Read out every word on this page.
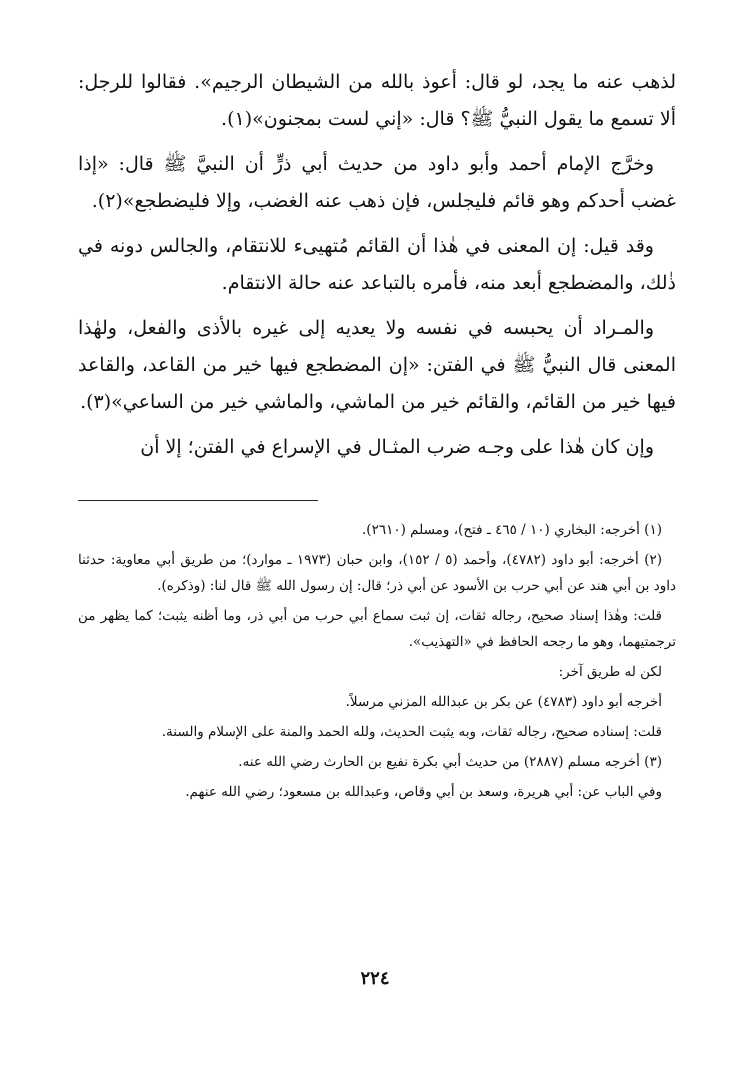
لذهب عنه ما يجد، لو قال: أعوذ بالله من الشيطان الرجيم». فقالوا للرجل: ألا تسمع ما يقول النبيُّ ﷺ؟ قال: «إني لست بمجنون»(١).

وخرَّج الإمام أحمد وأبو داود من حديث أبي ذرٍّ أن النبيَّ ﷺ قال: «إذا غضب أحدكم وهو قائم فليجلس، فإن ذهب عنه الغضب، وإلا فليضطجع»(٢).

وقد قيل: إن المعنى في هٰذا أن القائم مُتهيىء للانتقام، والجالس دونه في ذٰلك، والمضطجع أبعد منه، فأمره بالتباعد عنه حالة الانتقام.

والمـراد أن يحبسه في نفسه ولا يعديه إلى غيره بالأذى والفعل، ولهٰذا المعنى قال النبيُّ ﷺ في الفتن: «إن المضطجع فيها خير من القاعد، والقاعد فيها خير من القائم، والقائم خير من الماشي، والماشي خير من الساعي»(٣).

وإن كان هٰذا على وجـه ضرب المثـال في الإسراع في الفتن؛ إلا أن

(١) أخرجه: البخاري (١٠ / ٤٦٥ ـ فتح)، ومسلم (٢٦١٠).

(٢) أخرجه: أبو داود (٤٧٨٢)، وأحمد (٥ / ١٥٢)، وابن حبان (١٩٧٣ ـ موارد)؛ من طريق أبي معاوية: حدثنا داود بن أبي هند عن أبي حرب بن الأسود عن أبي ذر؛ قال: إن رسول الله ﷺ قال لنا: (وذكره).

قلت: وهٰذا إسناد صحيح، رجاله ثقات، إن ثبت سماع أبي حرب من أبي ذر، وما أظنه يثبت؛ كما يظهر من ترجمتيهما، وهو ما رجحه الحافظ في «التهذيب».

لكن له طريق آخر:

أخرجه أبو داود (٤٧٨٣) عن بكر بن عبدالله المزني مرسلاً.

قلت: إسناده صحيح، رجاله ثقات، وبه يثبت الحديث، ولله الحمد والمنة على الإسلام والسنة.

(٣) أخرجه مسلم (٢٨٨٧) من حديث أبي بكرة نفيع بن الحارث رضي الله عنه.

وفي الباب عن: أبي هريرة، وسعد بن أبي وقاص، وعبدالله بن مسعود؛ رضي الله عنهم.

٢٢٤
